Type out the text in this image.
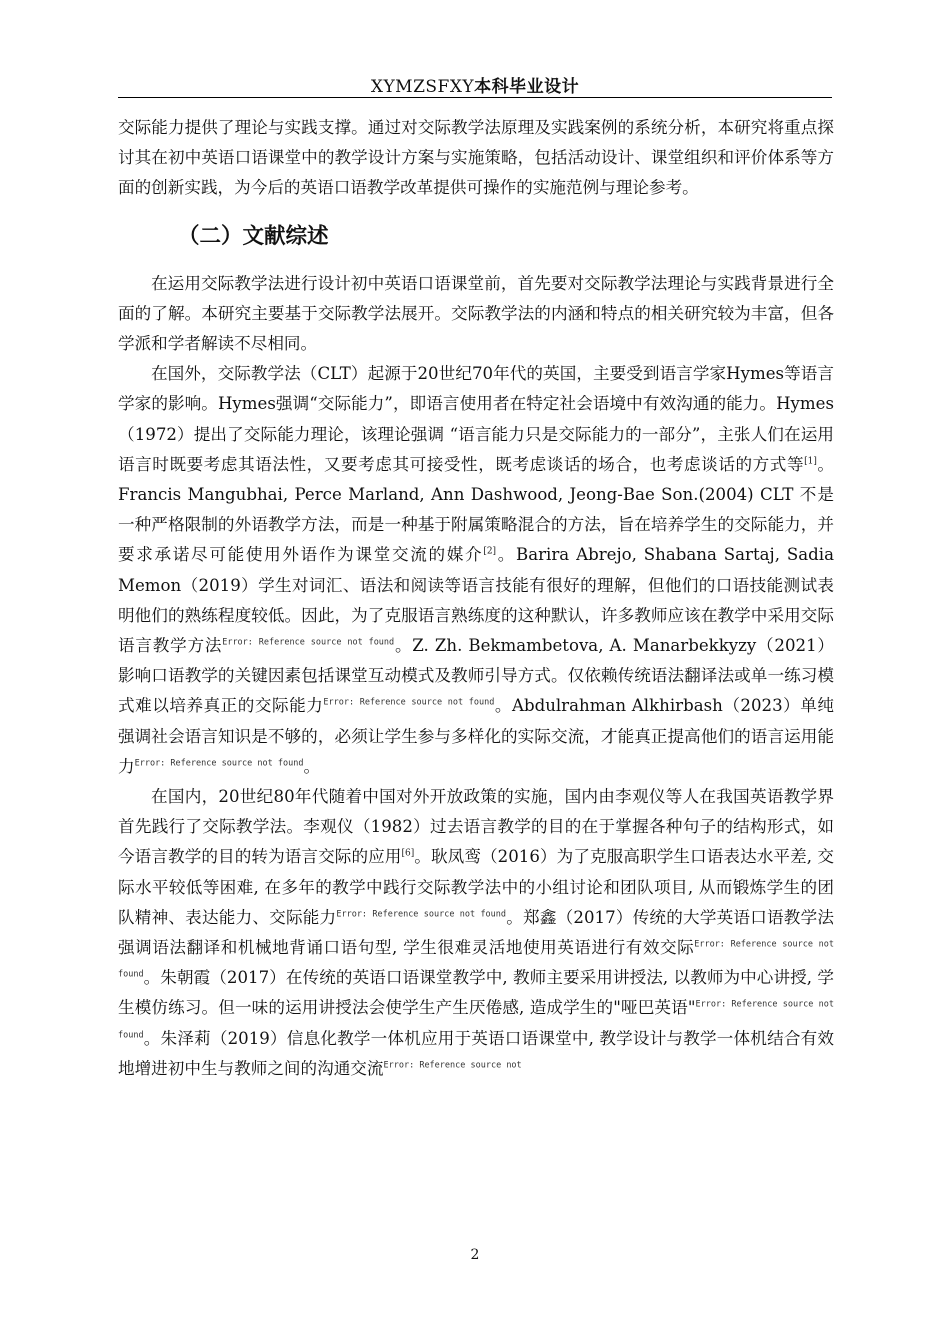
XYMZSFXY本科毕业设计

交际能力提供了理论与实践支撑。通过对交际教学法原理及实践案例的系统分析，本研究将重点探讨其在初中英语口语课堂中的教学设计方案与实施策略，包括活动设计、课堂组织和评价体系等方面的创新实践，为今后的英语口语教学改革提供可操作的实施范例与理论参考。

（二）文献综述

在运用交际教学法进行设计初中英语口语课堂前，首先要对交际教学法理论与实践背景进行全面的了解。本研究主要基于交际教学法展开。交际教学法的内涵和特点的相关研究较为丰富，但各学派和学者解读不尽相同。

在国外，交际教学法（CLT）起源于20世纪70年代的英国，主要受到语言学家Hymes等语言学家的影响。Hymes强调“交际能力”，即语言使用者在特定社会语境中有效沟通的能力。Hymes（1972）提出了交际能力理论，该理论强调 “语言能力只是交际能力的一部分”，主张人们在运用语言时既要考虑其语法性，又要考虑其可接受性，既考虑谈话的场合，也考虑谈话的方式等[1]。Francis Mangubhai, Perce Marland, Ann Dashwood, Jeong-Bae Son.(2004) CLT 不是一种严格限制的外语教学方法，而是一种基于附属策略混合的方法，旨在培养学生的交际能力，并要求承诺尽可能使用外语作为课堂交流的媒介[2]。Barira Abrejo, Shabana Sartaj, Sadia Memon（2019）学生对词汇、语法和阅读等语言技能有很好的理解，但他们的口语技能测试表明他们的熟练程度较低。因此，为了克服语言熟练度的这种默认，许多教师应该在教学中采用交际语言教学方法$^{Error: Reference source not found}$。Z. Zh. Bekmambetova, A. Manarbekkyzy（2021）影响口语教学的关键因素包括课堂互动模式及教师引导方式。仅依赖传统语法翻译法或单一练习模式难以培养真正的交际能力$^{Error: Reference source not found}$。Abdulrahman Alkhirbash（2023）单纯强调社会语言知识是不够的，必须让学生参与多样化的实际交流，才能真正提高他们的语言运用能力$^{Error: Reference source not found}$。

在国内，20世纪80年代随着中国对外开放政策的实施，国内由李观仪等人在我国英语教学界首先践行了交际教学法。李观仪（1982）过去语言教学的目的在于掌握各种句子的结构形式，如今语言教学的目的转为语言交际的应用[6]。耿凤鸾（2016）为了克服高职学生口语表达水平差, 交际水平较低等困难, 在多年的教学中践行交际教学法中的小组讨论和团队项目, 从而锻炼学生的团队精神、表达能力、交际能力$^{Error: Reference source not found}$。郑鑫（2017）传统的大学英语口语教学法强调语法翻译和机械地背诵口语句型, 学生很难灵活地使用英语进行有效交际$^{Error: Reference source not found}$。朱朝霞（2017）在传统的英语口语课堂教学中, 教师主要采用讲授法, 以教师为中心讲授, 学生模仿练习。但一味的运用讲授法会使学生产生厌倦感, 造成学生的"哑巴英语"$^{Error: Reference source not found}$。朱泽莉（2019）信息化教学一体机应用于英语口语课堂中, 教学设计与教学一体机结合有效地增进初中生与教师之间的沟通交流$^{Error: Reference source not}$

2
